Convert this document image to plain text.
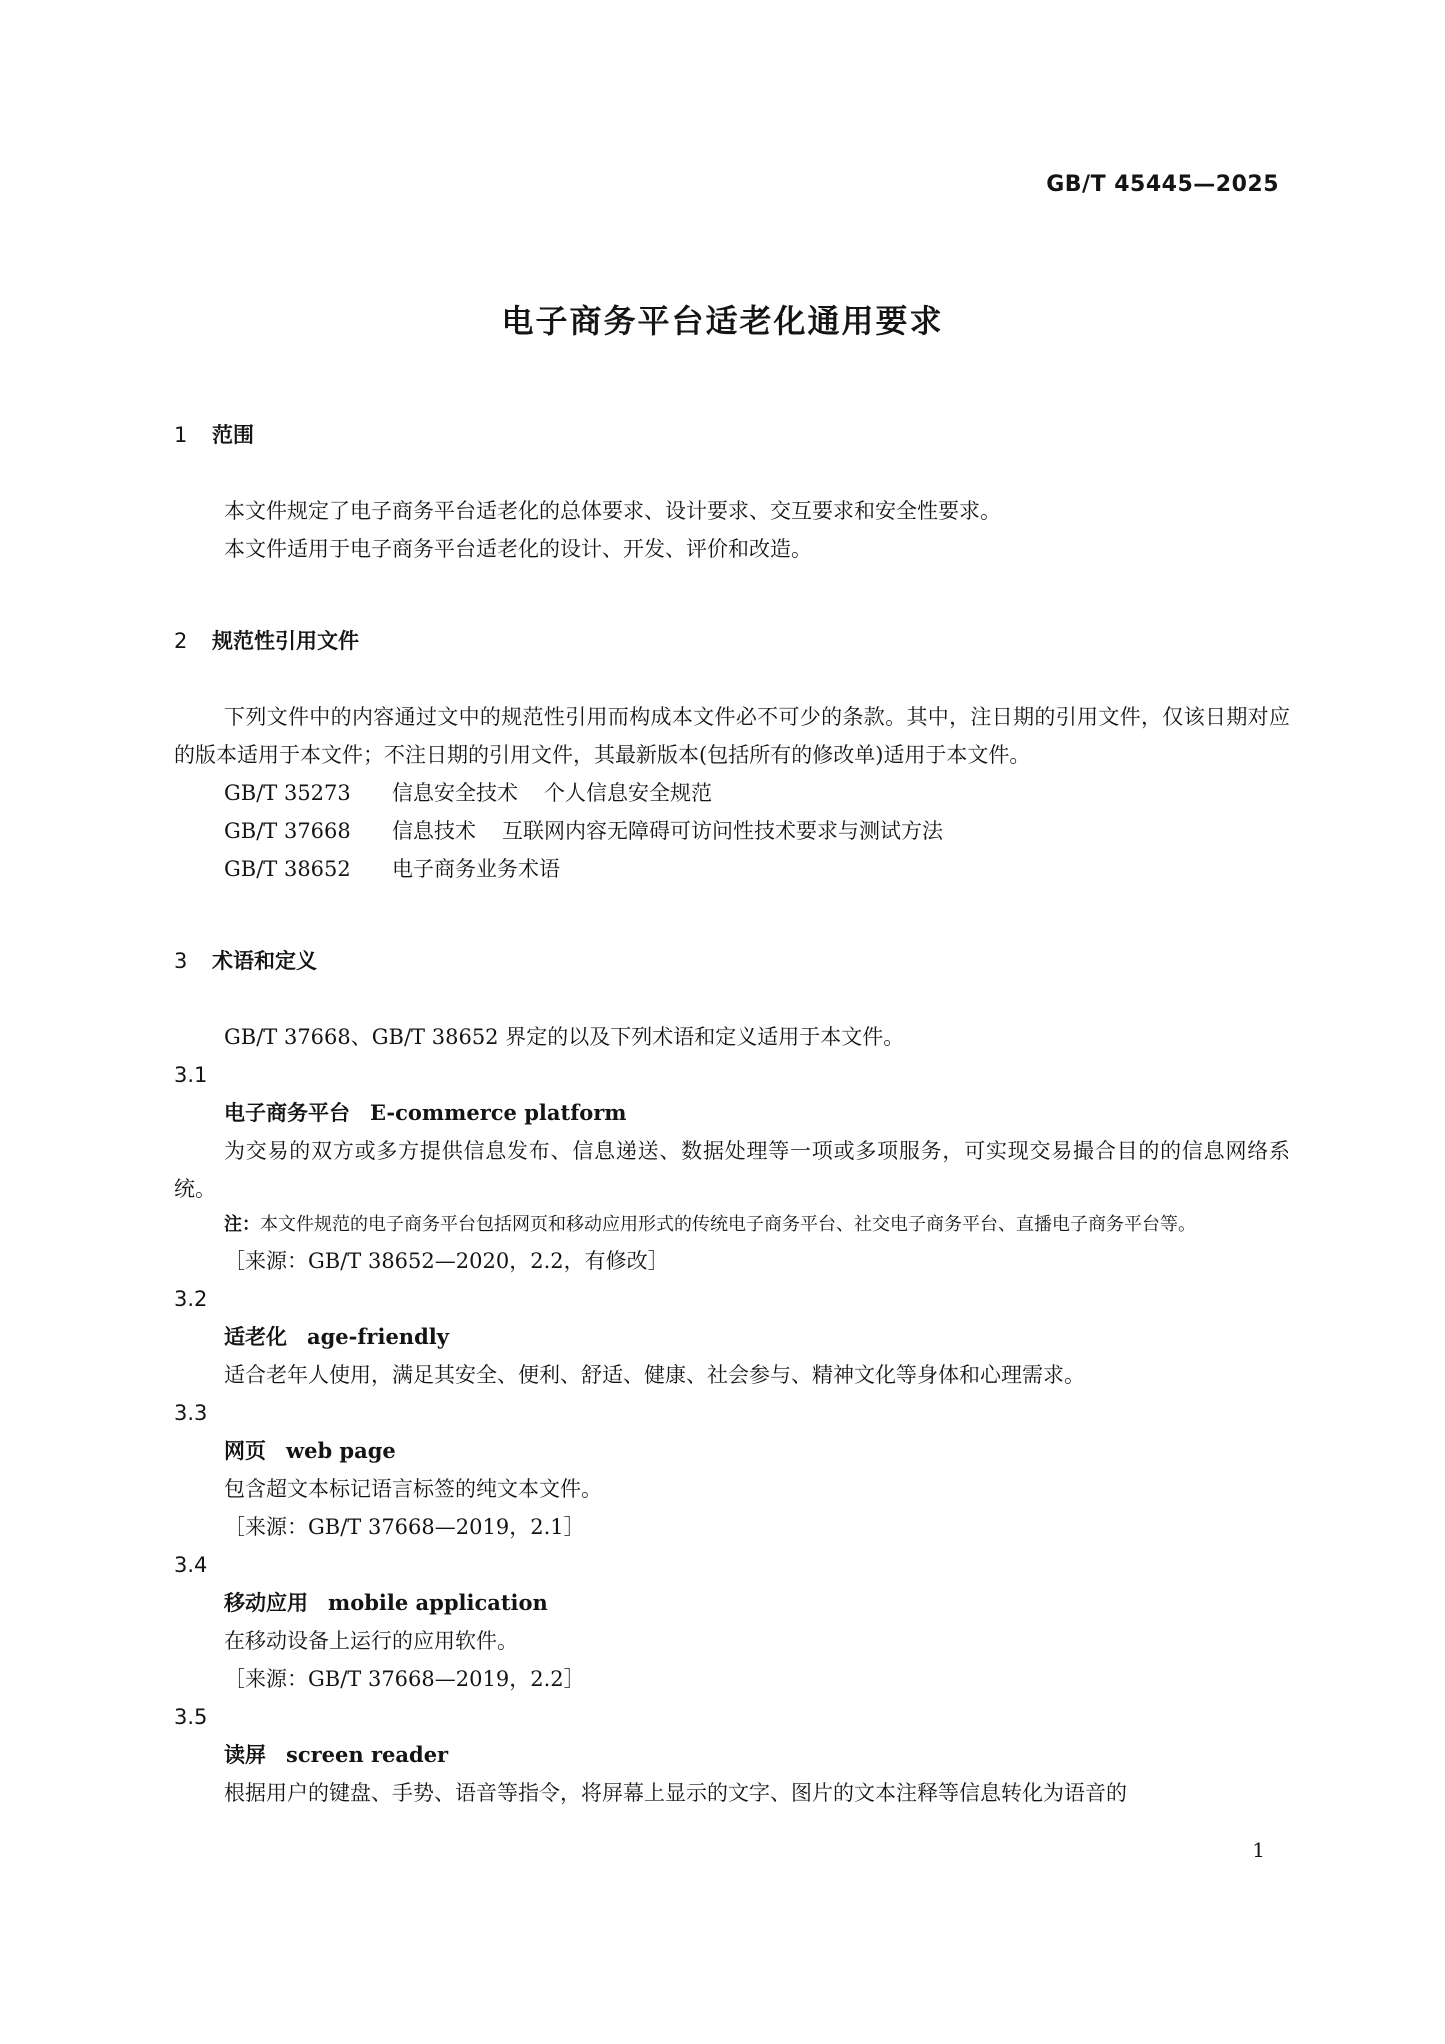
GB/T 45445—2025
电子商务平台适老化通用要求
1 范围

本文件规定了电子商务平台适老化的总体要求、设计要求、交互要求和安全性要求。

本文件适用于电子商务平台适老化的设计、开发、评价和改造。

2 规范性引用文件

下列文件中的内容通过文中的规范性引用而构成本文件必不可少的条款。其中，注日期的引用文件，仅该日期对应的版本适用于本文件；不注日期的引用文件，其最新版本(包括所有的修改单)适用于本文件。

GB/T 35273 信息安全技术 个人信息安全规范

GB/T 37668 信息技术 互联网内容无障碍可访问性技术要求与测试方法

GB/T 38652 电子商务业务术语

3 术语和定义

GB/T 37668、GB/T 38652 界定的以及下列术语和定义适用于本文件。

3.1

电子商务平台 E-commerce platform

为交易的双方或多方提供信息发布、信息递送、数据处理等一项或多项服务，可实现交易撮合目的的信息网络系统。

注：本文件规范的电子商务平台包括网页和移动应用形式的传统电子商务平台、社交电子商务平台、直播电子商务平台等。

［来源：GB/T 38652—2020，2.2，有修改］

3.2

适老化 age-friendly

适合老年人使用，满足其安全、便利、舒适、健康、社会参与、精神文化等身体和心理需求。

3.3

网页 web page

包含超文本标记语言标签的纯文本文件。

［来源：GB/T 37668—2019，2.1］

3.4

移动应用 mobile application

在移动设备上运行的应用软件。

［来源：GB/T 37668—2019，2.2］

3.5

读屏 screen reader

根据用户的键盘、手势、语音等指令，将屏幕上显示的文字、图片的文本注释等信息转化为语音的

1
